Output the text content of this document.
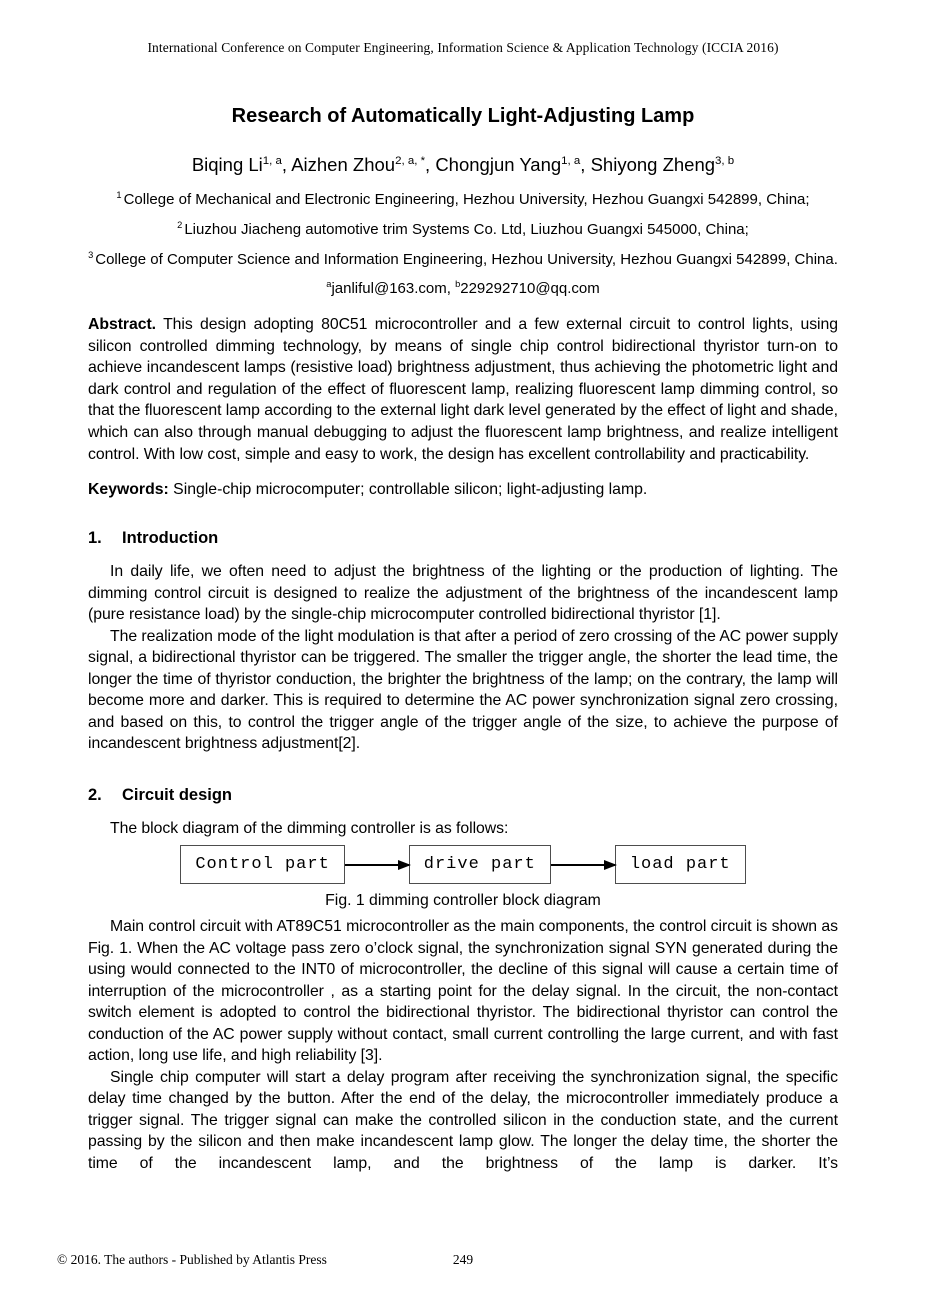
International Conference on Computer Engineering, Information Science & Application Technology (ICCIA 2016)
Research of Automatically Light-Adjusting Lamp
Biqing Li$^{1, a}$, Aizhen Zhou$^{2, a, *}$, Chongjun Yang$^{1, a}$, Shiyong Zheng$^{3, b}$
$^1$ College of Mechanical and Electronic Engineering, Hezhou University, Hezhou Guangxi 542899, China;
$^2$ Liuzhou Jiacheng automotive trim Systems Co. Ltd, Liuzhou Guangxi 545000, China;
$^3$ College of Computer Science and Information Engineering, Hezhou University, Hezhou Guangxi 542899, China.
$^a$janliful@163.com, $^b$229292710@qq.com

Abstract. This design adopting 80C51 microcontroller and a few external circuit to control lights, using silicon controlled dimming technology, by means of single chip control bidirectional thyristor turn-on to achieve incandescent lamps (resistive load) brightness adjustment, thus achieving the photometric light and dark control and regulation of the effect of fluorescent lamp, realizing fluorescent lamp dimming control, so that the fluorescent lamp according to the external light dark level generated by the effect of light and shade, which can also through manual debugging to adjust the fluorescent lamp brightness, and realize intelligent control. With low cost, simple and easy to work, the design has excellent controllability and practicability.

Keywords: Single-chip microcomputer; controllable silicon; light-adjusting lamp.

1. Introduction

In daily life, we often need to adjust the brightness of the lighting or the production of lighting. The dimming control circuit is designed to realize the adjustment of the brightness of the incandescent lamp (pure resistance load) by the single-chip microcomputer controlled bidirectional thyristor [1].

The realization mode of the light modulation is that after a period of zero crossing of the AC power supply signal, a bidirectional thyristor can be triggered. The smaller the trigger angle, the shorter the lead time, the longer the time of thyristor conduction, the brighter the brightness of the lamp; on the contrary, the lamp will become more and darker. This is required to determine the AC power synchronization signal zero crossing, and based on this, to control the trigger angle of the trigger angle of the size, to achieve the purpose of incandescent brightness adjustment[2].

2. Circuit design

The block diagram of the dimming controller is as follows:

Control part	drive part	load part
Fig. 1 dimming controller block diagram

Main control circuit with AT89C51 microcontroller as the main components, the control circuit is shown as Fig. 1. When the AC voltage pass zero o’clock signal, the synchronization signal SYN generated during the using would connected to the INT0 of microcontroller, the decline of this signal will cause a certain time of interruption of the microcontroller , as a starting point for the delay signal. In the circuit, the non-contact switch element is adopted to control the bidirectional thyristor. The bidirectional thyristor can control the conduction of the AC power supply without contact, small current controlling the large current, and with fast action, long use life, and high reliability [3].

Single chip computer will start a delay program after receiving the synchronization signal, the specific delay time changed by the button. After the end of the delay, the microcontroller immediately produce a trigger signal. The trigger signal can make the controlled silicon in the conduction state, and the current passing by the silicon and then make incandescent lamp glow. The longer the delay time, the shorter the time of the incandescent lamp, and the brightness of the lamp is darker. It’s

© 2016. The authors - Published by Atlantis Press	249
